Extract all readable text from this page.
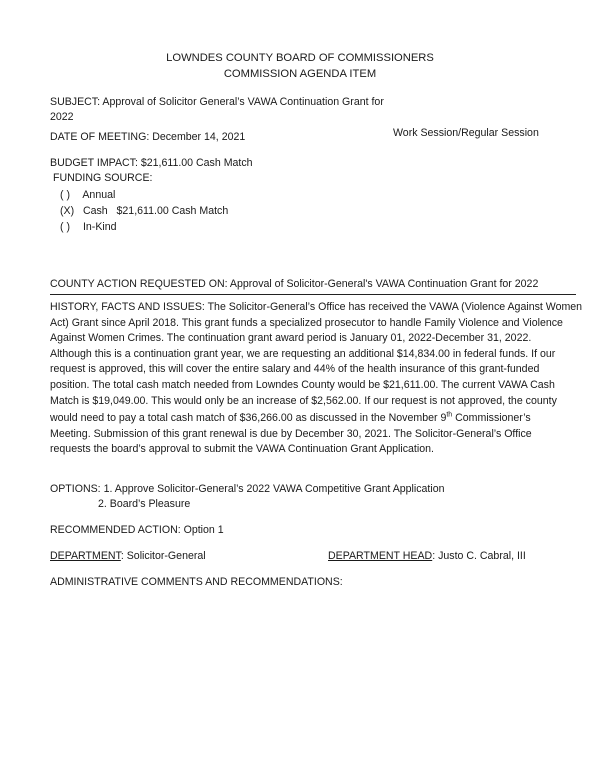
LOWNDES COUNTY BOARD OF COMMISSIONERS
COMMISSION AGENDA ITEM
SUBJECT: Approval of Solicitor General’s VAWA Continuation Grant for
2022
DATE OF MEETING: December 14, 2021	Work Session/Regular Session
BUDGET IMPACT: $21,611.00 Cash Match
FUNDING SOURCE:
( ) Annual
(X) Cash   $21,611.00 Cash Match
( ) In-Kind
COUNTY ACTION REQUESTED ON: Approval of Solicitor-General's VAWA Continuation Grant for 2022
HISTORY, FACTS AND ISSUES: The Solicitor-General’s Office has received the VAWA (Violence Against Women
Act) Grant since April 2018. This grant funds a specialized prosecutor to handle Family Violence and Violence
Against Women Crimes. The continuation grant award period is January 01, 2022-December 31, 2022.
Although this is a continuation grant year, we are requesting an additional $14,834.00 in federal funds. If our
request is approved, this will cover the entire salary and 44% of the health insurance of this grant-funded
position. The total cash match needed from Lowndes County would be $21,611.00. The current VAWA Cash
Match is $19,049.00. This would only be an increase of $2,562.00. If our request is not approved, the county
would need to pay a total cash match of $36,266.00 as discussed in the November 9th Commissioner’s
Meeting. Submission of this grant renewal is due by December 30, 2021. The Solicitor-General’s Office
requests the board’s approval to submit the VAWA Continuation Grant Application.
OPTIONS: 1. Approve Solicitor-General’s 2022 VAWA Competitive Grant Application
2. Board’s Pleasure
RECOMMENDED ACTION: Option 1
DEPARTMENT: Solicitor-General	DEPARTMENT HEAD: Justo C. Cabral, III
ADMINISTRATIVE COMMENTS AND RECOMMENDATIONS:
